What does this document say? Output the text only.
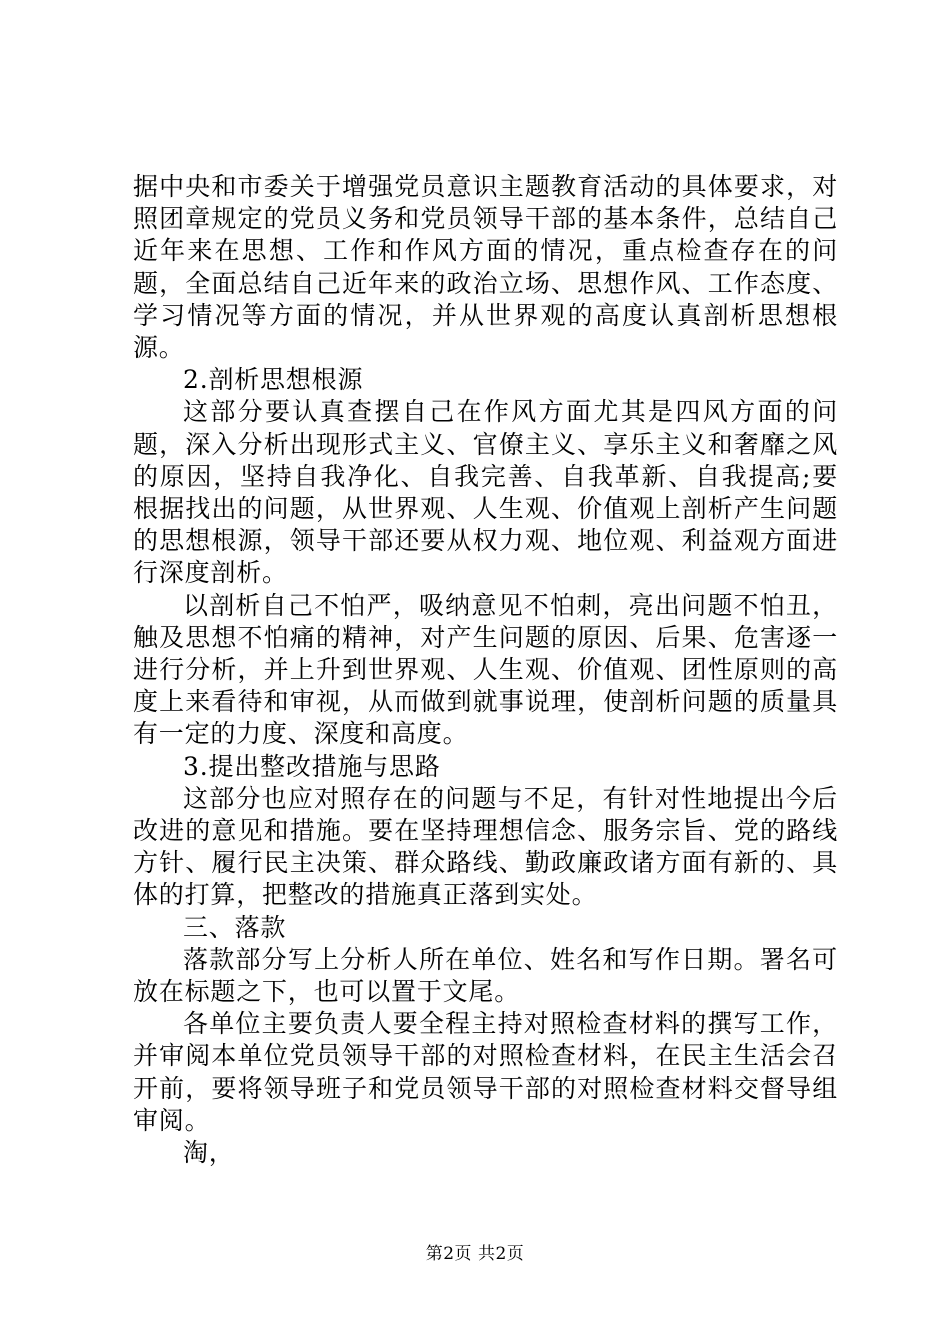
据中央和市委关于增强党员意识主题教育活动的具体要求，对照团章规定的党员义务和党员领导干部的基本条件，总结自己近年来在思想、工作和作风方面的情况，重点检查存在的问题，全面总结自己近年来的政治立场、思想作风、工作态度、学习情况等方面的情况，并从世界观的高度认真剖析思想根源。

2.剖析思想根源

这部分要认真查摆自己在作风方面尤其是四风方面的问题，深入分析出现形式主义、官僚主义、享乐主义和奢靡之风的原因，坚持自我净化、自我完善、自我革新、自我提高;要根据找出的问题，从世界观、人生观、价值观上剖析产生问题的思想根源，领导干部还要从权力观、地位观、利益观方面进行深度剖析。

以剖析自己不怕严，吸纳意见不怕刺，亮出问题不怕丑，触及思想不怕痛的精神，对产生问题的原因、后果、危害逐一进行分析，并上升到世界观、人生观、价值观、团性原则的高度上来看待和审视，从而做到就事说理，使剖析问题的质量具有一定的力度、深度和高度。

3.提出整改措施与思路

这部分也应对照存在的问题与不足，有针对性地提出今后改进的意见和措施。要在坚持理想信念、服务宗旨、党的路线方针、履行民主决策、群众路线、勤政廉政诸方面有新的、具体的打算，把整改的措施真正落到实处。

三、落款

落款部分写上分析人所在单位、姓名和写作日期。署名可放在标题之下，也可以置于文尾。

各单位主要负责人要全程主持对照检查材料的撰写工作，并审阅本单位党员领导干部的对照检查材料，在民主生活会召开前，要将领导班子和党员领导干部的对照检查材料交督导组审阅。

淘，

第2页 共2页
